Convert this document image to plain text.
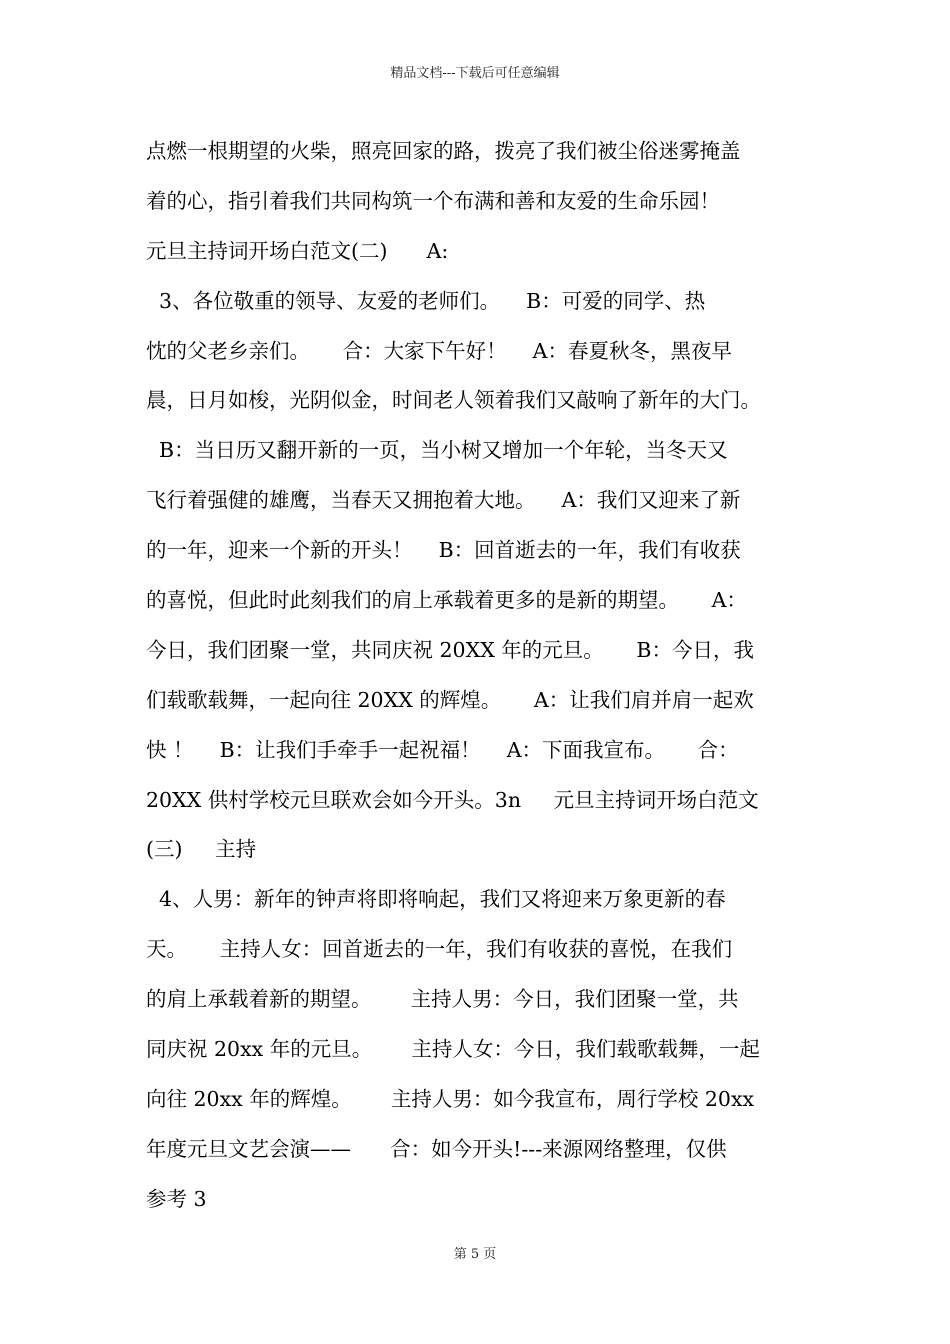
精品文档---下载后可任意编辑
点燃一根期望的火柴，照亮回家的路，拨亮了我们被尘俗迷雾掩盖
着的心，指引着我们共同构筑一个布满和善和友爱的生命乐园！
元旦主持词开场白范文(二)      A:
3、各位敬重的领导、友爱的老师们。    B：可爱的同学、热
忱的父老乡亲们。     合：大家下午好！    A：春夏秋冬，黑夜早
晨，日月如梭，光阴似金，时间老人领着我们又敲响了新年的大门。
B：当日历又翻开新的一页，当小树又增加一个年轮，当冬天又
飞行着强健的雄鹰，当春天又拥抱着大地。    A：我们又迎来了新
的一年，迎来一个新的开头！    B：回首逝去的一年，我们有收获
的喜悦，但此时此刻我们的肩上承载着更多的是新的期望。     A：
今日，我们团聚一堂，共同庆祝 20XX 年的元旦。     B：今日，我
们载歌载舞，一起向往 20XX 的辉煌。     A：让我们肩并肩一起欢
快 ！    B：让我们手牵手一起祝福！    A：下面我宣布。     合：
20XX 供村学校元旦联欢会如今开头。3n     元旦主持词开场白范文
(三)     主持
4、人男：新年的钟声将即将响起，我们又将迎来万象更新的春
天。     主持人女：回首逝去的一年，我们有收获的喜悦，在我们
的肩上承载着新的期望。      主持人男：今日，我们团聚一堂，共
同庆祝 20xx 年的元旦。      主持人女：今日，我们载歌载舞，一起
向往 20xx 年的辉煌。      主持人男：如今我宣布，周行学校 20xx
年度元旦文艺会演——      合：如今开头!---来源网络整理，仅供
参考 3
第 5 页
